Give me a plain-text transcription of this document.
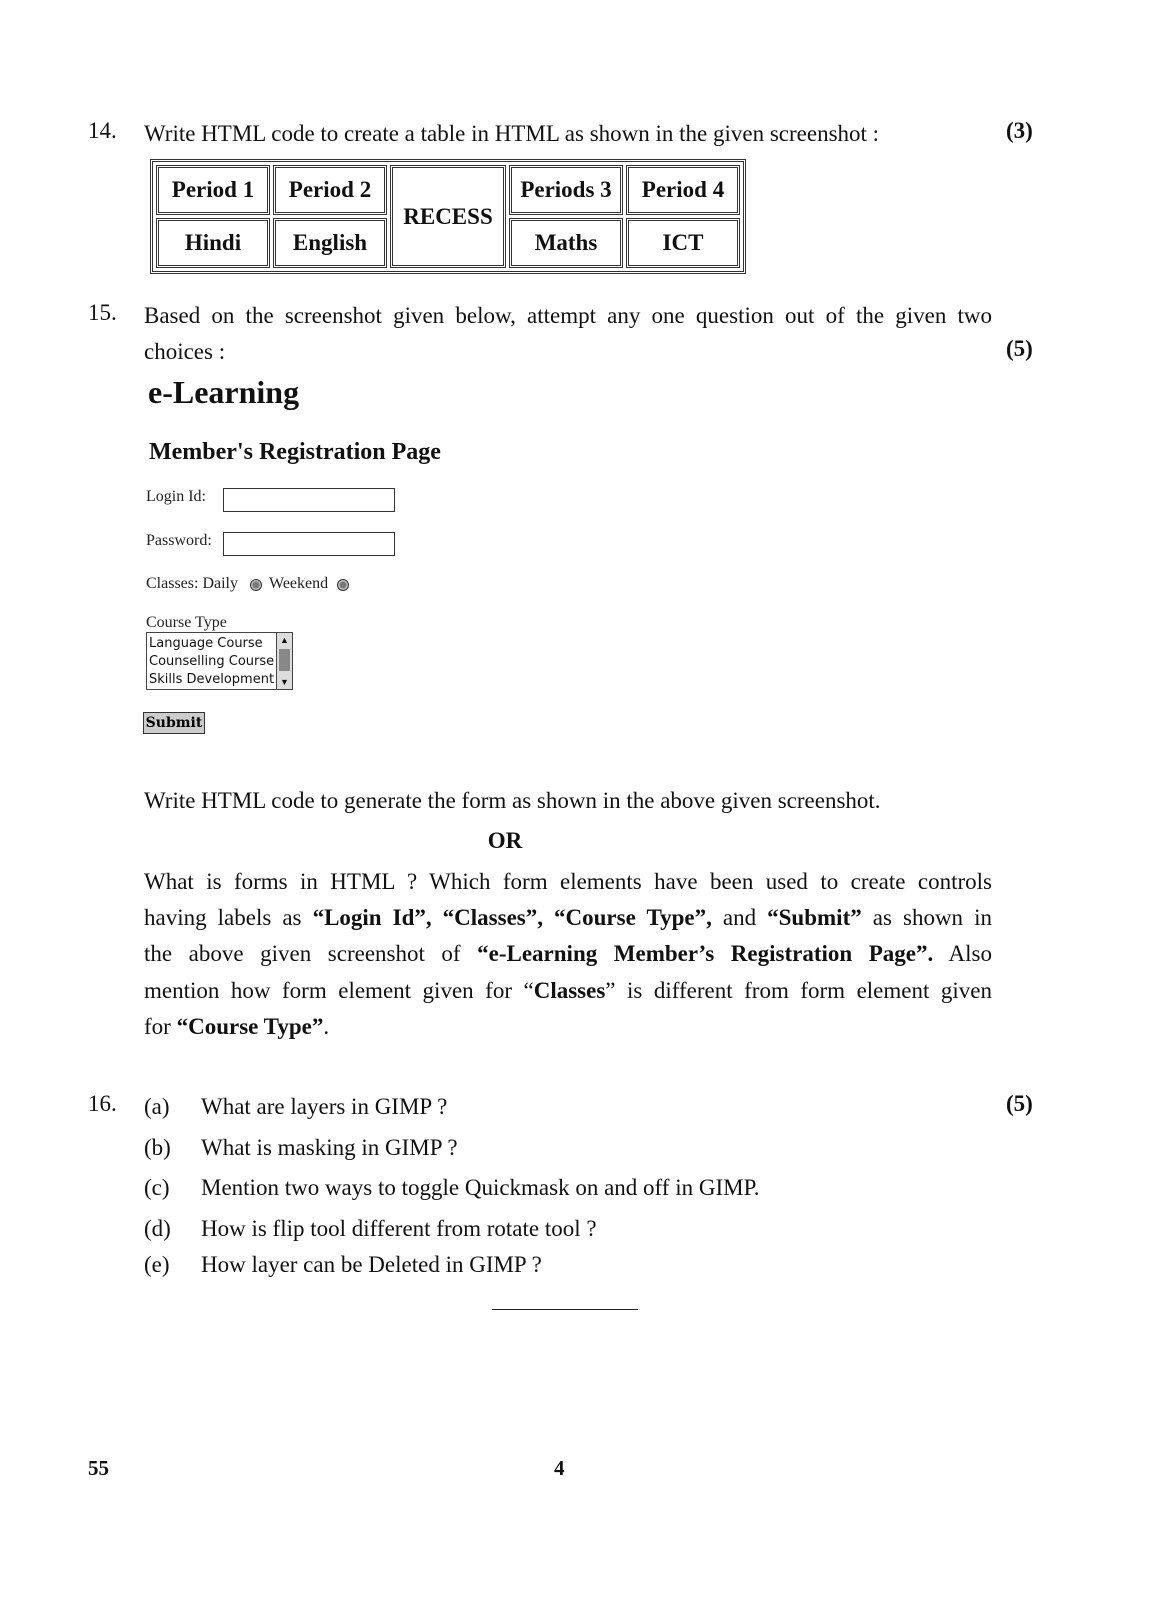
14. Write HTML code to create a table in HTML as shown in the given screenshot :	(3)
Period 1	Period 2	RECESS	Periods 3	Period 4
Hindi	English		Maths	ICT
15. Based on the screenshot given below, attempt any one question out of the given two
choices :	(5)
e-Learning
Member's Registration Page
Login Id:
Password:
Classes: Daily Weekend
Course Type
Language Course
Counselling Course
Skills Development
▲
▼
Submit
Write HTML code to generate the form as shown in the above given screenshot.
OR
What is forms in HTML ? Which form elements have been used to create controls
having labels as “Login Id”, “Classes”, “Course Type”, and “Submit” as shown in
the above given screenshot of “e-Learning Member’s Registration Page”. Also
mention how form element given for “Classes” is different from form element given
for “Course Type”.
16.	(5)
(a) What are layers in GIMP ?
(b) What is masking in GIMP ?
(c) Mention two ways to toggle Quickmask on and off in GIMP.
(d) How is flip tool different from rotate tool ?
(e) How layer can be Deleted in GIMP ?
55	4
